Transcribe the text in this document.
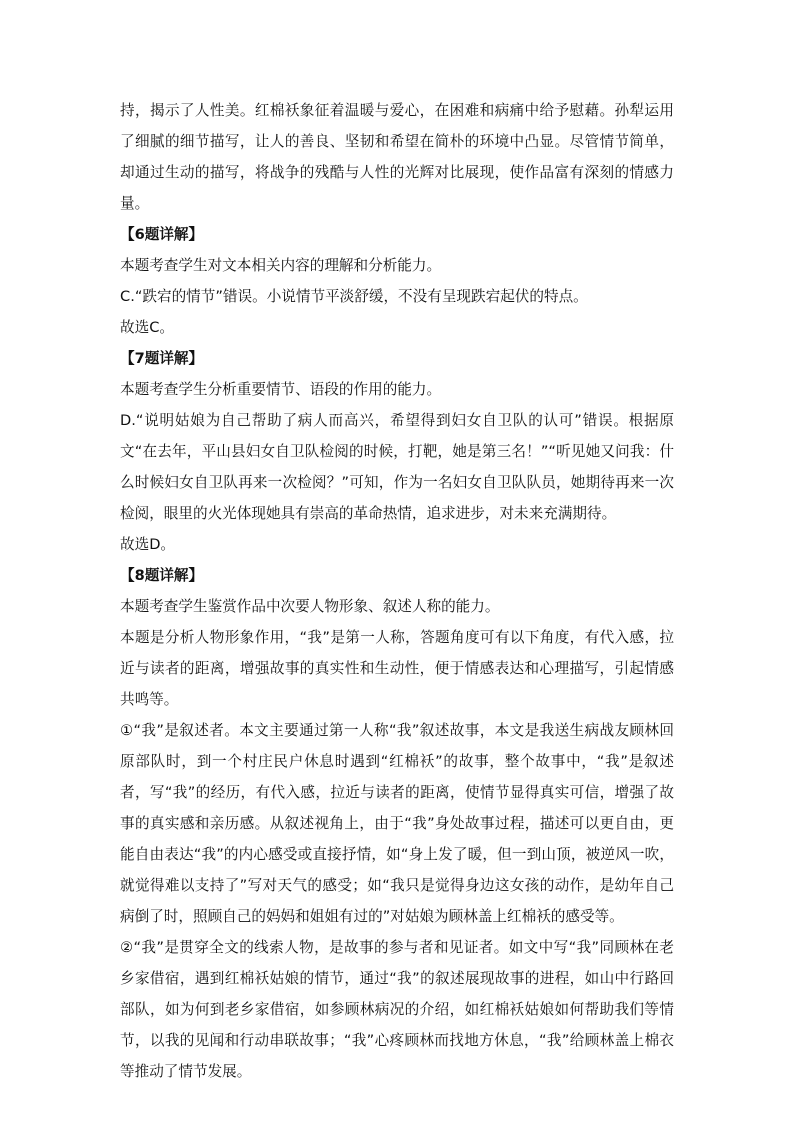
持，揭示了人性美。红棉袄象征着温暖与爱心，在困难和病痛中给予慰藉。孙犁运用了细腻的细节描写，让人的善良、坚韧和希望在简朴的环境中凸显。尽管情节简单，却通过生动的描写，将战争的残酷与人性的光辉对比展现，使作品富有深刻的情感力量。

【6题详解】

本题考查学生对文本相关内容的理解和分析能力。

C.“跌宕的情节”错误。小说情节平淡舒缓，不没有呈现跌宕起伏的特点。

故选C。

【7题详解】

本题考查学生分析重要情节、语段的作用的能力。

D.“说明姑娘为自己帮助了病人而高兴，希望得到妇女自卫队的认可”错误。根据原文“在去年，平山县妇女自卫队检阅的时候，打靶，她是第三名！”“听见她又问我：什么时候妇女自卫队再来一次检阅？”可知，作为一名妇女自卫队队员，她期待再来一次检阅，眼里的火光体现她具有崇高的革命热情，追求进步，对未来充满期待。

故选D。

【8题详解】

本题考查学生鉴赏作品中次要人物形象、叙述人称的能力。

本题是分析人物形象作用，“我”是第一人称，答题角度可有以下角度，有代入感，拉近与读者的距离，增强故事的真实性和生动性，便于情感表达和心理描写，引起情感共鸣等。

①“我”是叙述者。本文主要通过第一人称“我”叙述故事，本文是我送生病战友顾林回原部队时，到一个村庄民户休息时遇到“红棉袄”的故事，整个故事中，“我”是叙述者，写“我”的经历，有代入感，拉近与读者的距离，使情节显得真实可信，增强了故事的真实感和亲历感。从叙述视角上，由于“我”身处故事过程，描述可以更自由，更能自由表达“我”的内心感受或直接抒情，如“身上发了暖，但一到山顶，被逆风一吹，就觉得难以支持了”写对天气的感受；如“我只是觉得身边这女孩的动作，是幼年自己病倒了时，照顾自己的妈妈和姐姐有过的”对姑娘为顾林盖上红棉袄的感受等。

②“我”是贯穿全文的线索人物，是故事的参与者和见证者。如文中写“我”同顾林在老乡家借宿，遇到红棉袄姑娘的情节，通过“我”的叙述展现故事的进程，如山中行路回部队，如为何到老乡家借宿，如参顾林病况的介绍，如红棉袄姑娘如何帮助我们等情节，以我的见闻和行动串联故事；“我”心疼顾林而找地方休息，“我”给顾林盖上棉衣等推动了情节发展。
